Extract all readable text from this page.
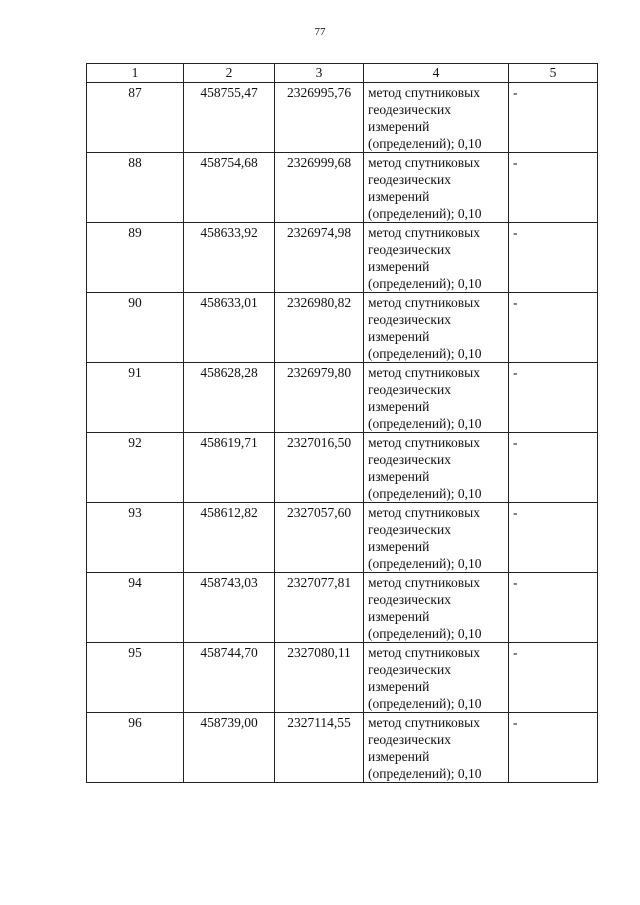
77
1	2	3	4	5
87	458755,47	2326995,76	метод спутниковых
геодезических
измерений
(определений); 0,10	-
88	458754,68	2326999,68	метод спутниковых
геодезических
измерений
(определений); 0,10	-
89	458633,92	2326974,98	метод спутниковых
геодезических
измерений
(определений); 0,10	-
90	458633,01	2326980,82	метод спутниковых
геодезических
измерений
(определений); 0,10	-
91	458628,28	2326979,80	метод спутниковых
геодезических
измерений
(определений); 0,10	-
92	458619,71	2327016,50	метод спутниковых
геодезических
измерений
(определений); 0,10	-
93	458612,82	2327057,60	метод спутниковых
геодезических
измерений
(определений); 0,10	-
94	458743,03	2327077,81	метод спутниковых
геодезических
измерений
(определений); 0,10	-
95	458744,70	2327080,11	метод спутниковых
геодезических
измерений
(определений); 0,10	-
96	458739,00	2327114,55	метод спутниковых
геодезических
измерений
(определений); 0,10	-
